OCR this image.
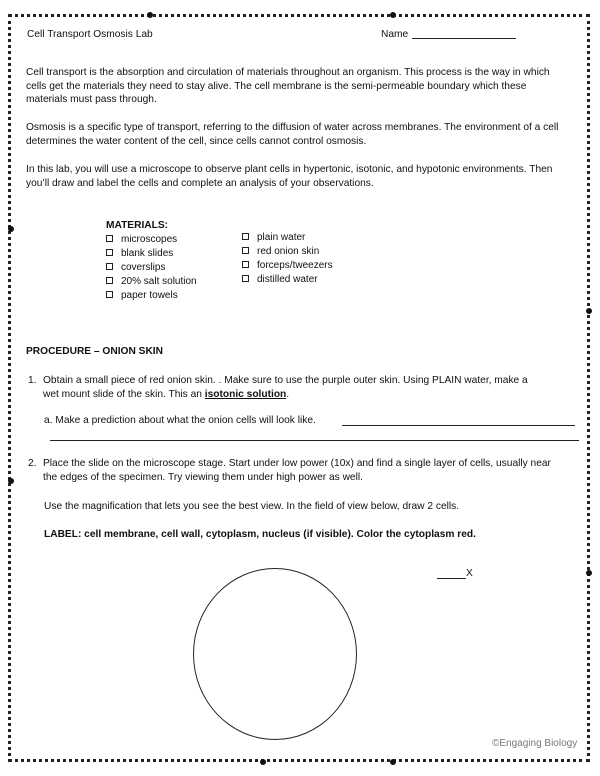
Cell Transport Osmosis Lab	Name
Cell transport is the absorption and circulation of materials throughout an organism. This process is the way in which cells get the materials they need to stay alive. The cell membrane is the semi-permeable boundary which these materials must pass through.
Osmosis is a specific type of transport, referring to the diffusion of water across membranes. The environment of a cell determines the water content of the cell, since cells cannot control osmosis.
In this lab, you will use a microscope to observe plant cells in hypertonic, isotonic, and hypotonic environments. Then you’ll draw and label the cells and complete an analysis of your observations.
MATERIALS:
microscopes
blank slides
coverslips
20% salt solution
paper towels
plain water
red onion skin
forceps/tweezers
distilled water
PROCEDURE – ONION SKIN
1. Obtain a small piece of red onion skin. . Make sure to use the purple outer skin. Using PLAIN water, make a
wet mount slide of the skin. This an isotonic solution.
a. Make a prediction about what the onion cells will look like.
2. Place the slide on the microscope stage. Start under low power (10x) and find a single layer of cells, usually near
the edges of the specimen. Try viewing them under high power as well.
Use the magnification that lets you see the best view. In the field of view below, draw 2 cells.
LABEL: cell membrane, cell wall, cytoplasm, nucleus (if visible). Color the cytoplasm red.
X
©Engaging Biology
